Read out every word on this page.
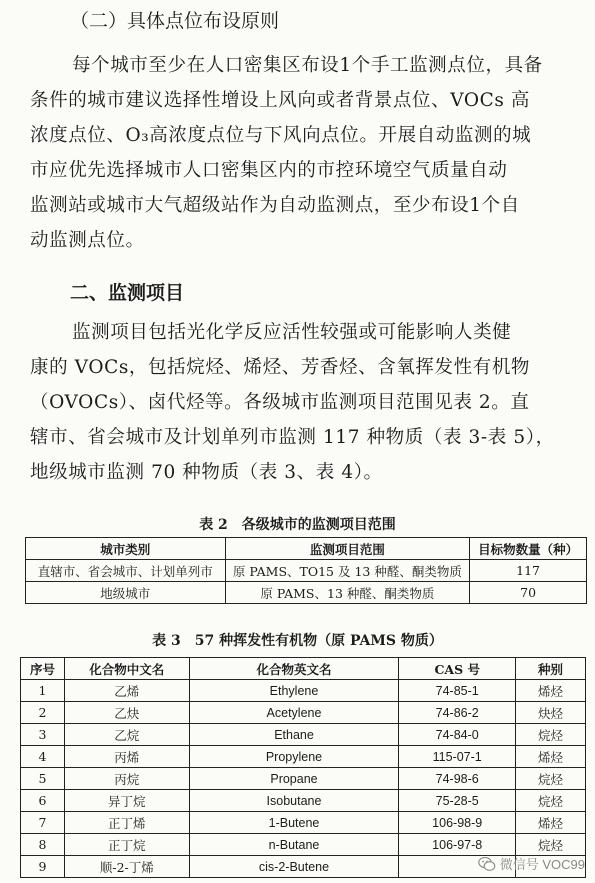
（二）具体点位布设原则
每个城市至少在人口密集区布设1个手工监测点位，具备
条件的城市建议选择性增设上风向或者背景点位、VOCs 高
浓度点位、O₃高浓度点位与下风向点位。开展自动监测的城
市应优先选择城市人口密集区内的市控环境空气质量自动
监测站或城市大气超级站作为自动监测点，至少布设1个自
动监测点位。
二、监测项目
监测项目包括光化学反应活性较强或可能影响人类健
康的 VOCs，包括烷烃、烯烃、芳香烃、含氧挥发性有机物
（OVOCs）、卤代烃等。各级城市监测项目范围见表 2。直
辖市、省会城市及计划单列市监测 117 种物质（表 3-表 5），
地级城市监测 70 种物质（表 3、表 4）。
表 2　各级城市的监测项目范围
城市类别	监测项目范围	目标物数量（种）
直辖市、省会城市、计划单列市	原 PAMS、TO15 及 13 种醛、酮类物质	117
地级城市	原 PAMS、13 种醛、酮类物质	70
表 3　57 种挥发性有机物（原 PAMS 物质）
序号	化合物中文名	化合物英文名	CAS 号	种别
1	乙烯	Ethylene	74-85-1	烯烃
2	乙炔	Acetylene	74-86-2	炔烃
3	乙烷	Ethane	74-84-0	烷烃
4	丙烯	Propylene	115-07-1	烯烃
5	丙烷	Propane	74-98-6	烷烃
6	异丁烷	Isobutane	75-28-5	烷烃
7	正丁烯	1-Butene	106-98-9	烯烃
8	正丁烷	n-Butane	106-97-8	烷烃
9	顺-2-丁烯	cis-2-Butene			微信号 VOC99
